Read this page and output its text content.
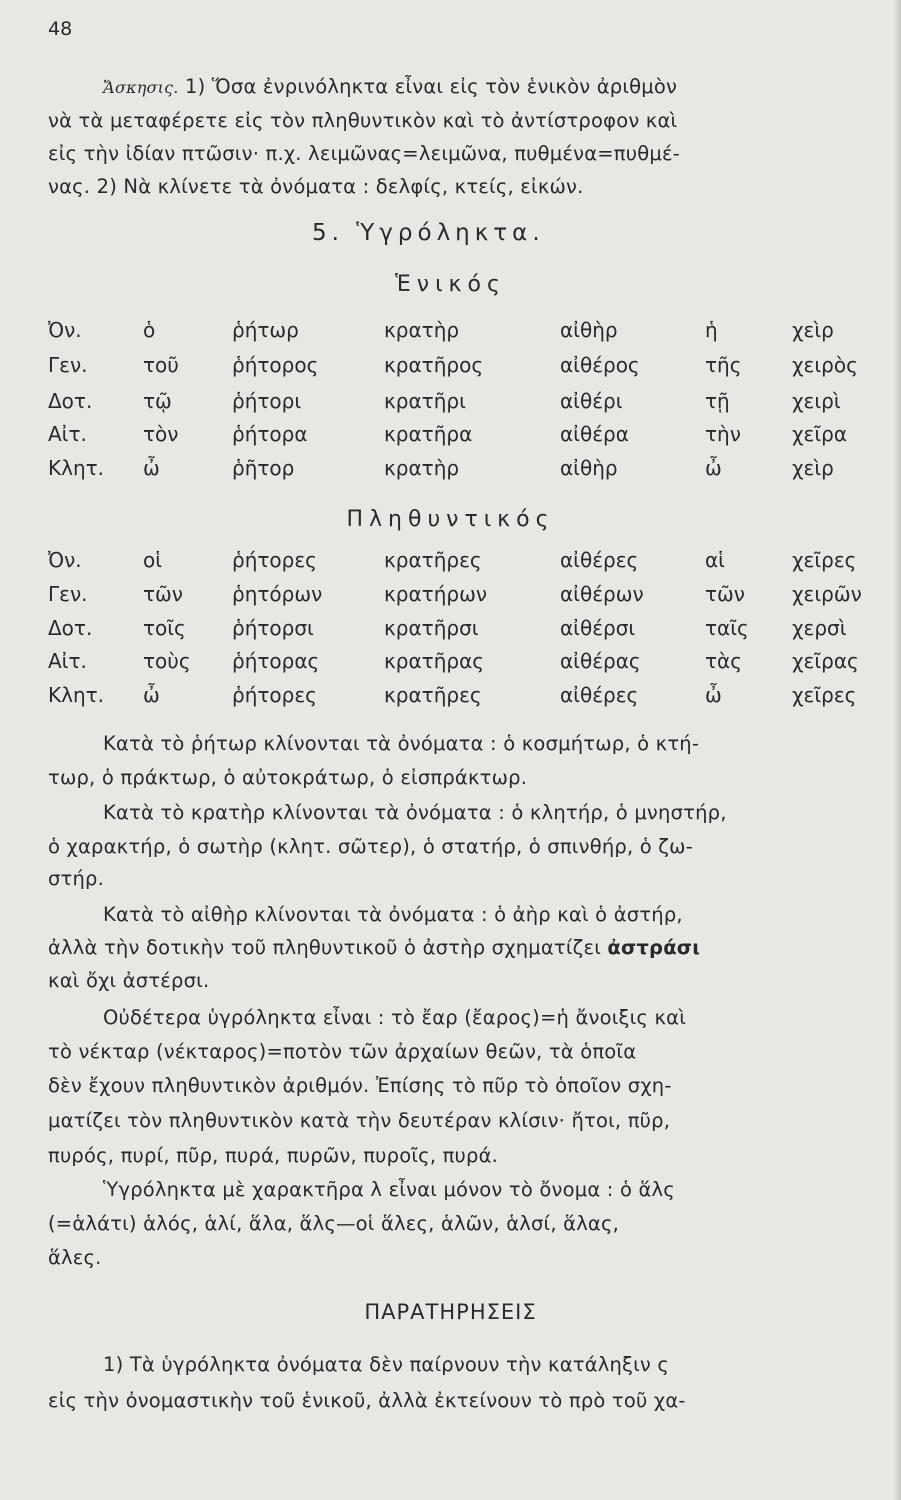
48
Ἄσκησις. 1) Ὅσα ἐνρινόληκτα εἶναι εἰς τὸν ἑνικὸν ἀριθμὸν
νὰ τὰ μεταφέρετε εἰς τὸν πληθυντικὸν καὶ τὸ ἀντίστροφον καὶ
εἰς τὴν ἰδίαν πτῶσιν· π.χ. λειμῶνας=λειμῶνα, πυθμένα=πυθμέ-
νας. 2) Νὰ κλίνετε τὰ ὀνόματα : δελφίς, κτείς, εἰκών.
5. Ὑγρόληκτα.
Ἑνικός
Ὀν.	ὁ	ῥήτωρ	κρατὴρ	αἰθὴρ	ἡ	χεὶρ
Γεν.	τοῦ	ῥήτορος	κρατῆρος	αἰθέρος	τῆς	χειρὸς
Δοτ.	τῷ	ῥήτορι	κρατῆρι	αἰθέρι	τῇ	χειρὶ
Αἰτ.	τὸν	ῥήτορα	κρατῆρα	αἰθέρα	τὴν	χεῖρα
Κλητ. ὦ	ῥῆτορ	κρατὴρ	αἰθὴρ	ὦ	χεὶρ
Πληθυντικός
Ὀν.	οἱ	ῥήτορες	κρατῆρες	αἰθέρες	αἱ	χεῖρες
Γεν.	τῶν ῥητόρων	κρατήρων	αἰθέρων	τῶν χειρῶν
Δοτ.	τοῖς ῥήτορσι	κρατῆρσι	αἰθέρσι	ταῖς χερσὶ
Αἰτ.	τοὺς ῥήτορας	κρατῆρας	αἰθέρας	τὰς	χεῖρας
Κλητ. ὦ	ῥήτορες	κρατῆρες	αἰθέρες	ὦ	χεῖρες
Κατὰ τὸ ῥήτωρ κλίνονται τὰ ὀνόματα : ὁ κοσμήτωρ, ὁ κτή-
τωρ, ὁ πράκτωρ, ὁ αὐτοκράτωρ, ὁ εἰσπράκτωρ.
Κατὰ τὸ κρατὴρ κλίνονται τὰ ὀνόματα : ὁ κλητήρ, ὁ μνηστήρ,
ὁ χαρακτήρ, ὁ σωτὴρ (κλητ. σῶτερ), ὁ στατήρ, ὁ σπινθήρ, ὁ ζω-
στήρ.
Κατὰ τὸ αἰθὴρ κλίνονται τὰ ὀνόματα : ὁ ἀὴρ καὶ ὁ ἀστήρ,
ἀλλὰ τὴν δοτικὴν τοῦ πληθυντικοῦ ὁ ἀστὴρ σχηματίζει ἀστράσι
καὶ ὄχι ἀστέρσι.
Οὐδέτερα ὑγρόληκτα εἶναι : τὸ ἔαρ (ἔαρος)=ἡ ἄνοιξις καὶ
τὸ νέκταρ (νέκταρος)=ποτὸν τῶν ἀρχαίων θεῶν, τὰ ὁποῖα
δὲν ἔχουν πληθυντικὸν ἀριθμόν. Ἐπίσης τὸ πῦρ τὸ ὁποῖον σχη-
ματίζει τὸν πληθυντικὸν κατὰ τὴν δευτέραν κλίσιν· ἤτοι, πῦρ,
πυρός, πυρί, πῦρ, πυρά, πυρῶν, πυροῖς, πυρά.
Ὑγρόληκτα μὲ χαρακτῆρα λ εἶναι μόνον τὸ ὄνομα : ὁ ἅλς
(=ἁλάτι) ἁλός, ἁλί, ἅλα, ἅλς—οἱ ἅλες, ἁλῶν, ἁλσί, ἅλας,
ἅλες.
ΠΑΡΑΤΗΡΗΣΕΙΣ
1) Τὰ ὑγρόληκτα ὀνόματα δὲν παίρνουν τὴν κατάληξιν ς
εἰς τὴν ὀνομαστικὴν τοῦ ἑνικοῦ, ἀλλὰ ἐκτείνουν τὸ πρὸ τοῦ χα-
